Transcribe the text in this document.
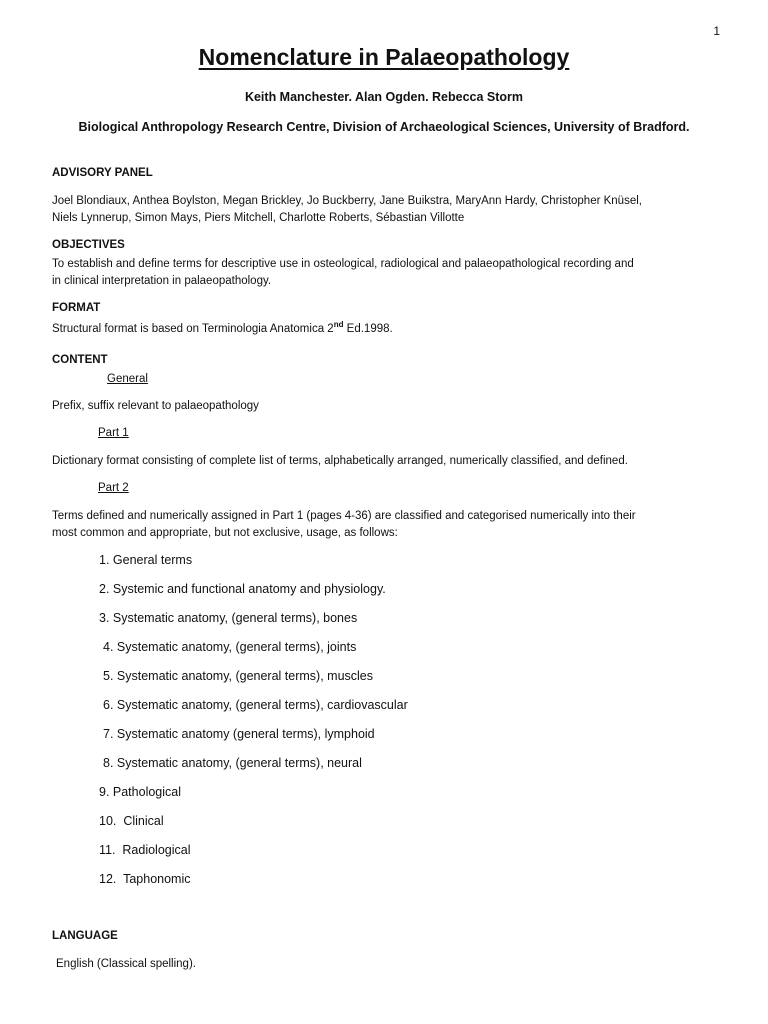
1
Nomenclature in Palaeopathology
Keith Manchester. Alan Ogden. Rebecca Storm
Biological Anthropology Research Centre, Division of Archaeological Sciences, University of Bradford.
ADVISORY PANEL
Joel Blondiaux, Anthea Boylston, Megan Brickley, Jo Buckberry, Jane Buikstra, MaryAnn Hardy, Christopher Knüsel,
Niels Lynnerup, Simon Mays, Piers Mitchell, Charlotte Roberts, Sébastian Villotte
OBJECTIVES
To establish and define terms for descriptive use in osteological, radiological and palaeopathological recording and
in clinical interpretation in palaeopathology.
FORMAT
Structural format is based on Terminologia Anatomica 2nd Ed.1998.
CONTENT
General
Prefix, suffix relevant to palaeopathology
Part 1
Dictionary format consisting of complete list of terms, alphabetically arranged, numerically classified, and defined.
Part 2
Terms defined and numerically assigned in Part 1 (pages 4-36) are classified and categorised numerically into their
most common and appropriate, but not exclusive, usage, as follows:
1. General terms
2. Systemic and functional anatomy and physiology.
3. Systematic anatomy, (general terms), bones
4. Systematic anatomy, (general terms), joints
5. Systematic anatomy, (general terms), muscles
6. Systematic anatomy, (general terms), cardiovascular
7. Systematic anatomy (general terms), lymphoid
8. Systematic anatomy, (general terms), neural
9. Pathological
10.  Clinical
11.  Radiological
12.  Taphonomic
LANGUAGE
English (Classical spelling).
